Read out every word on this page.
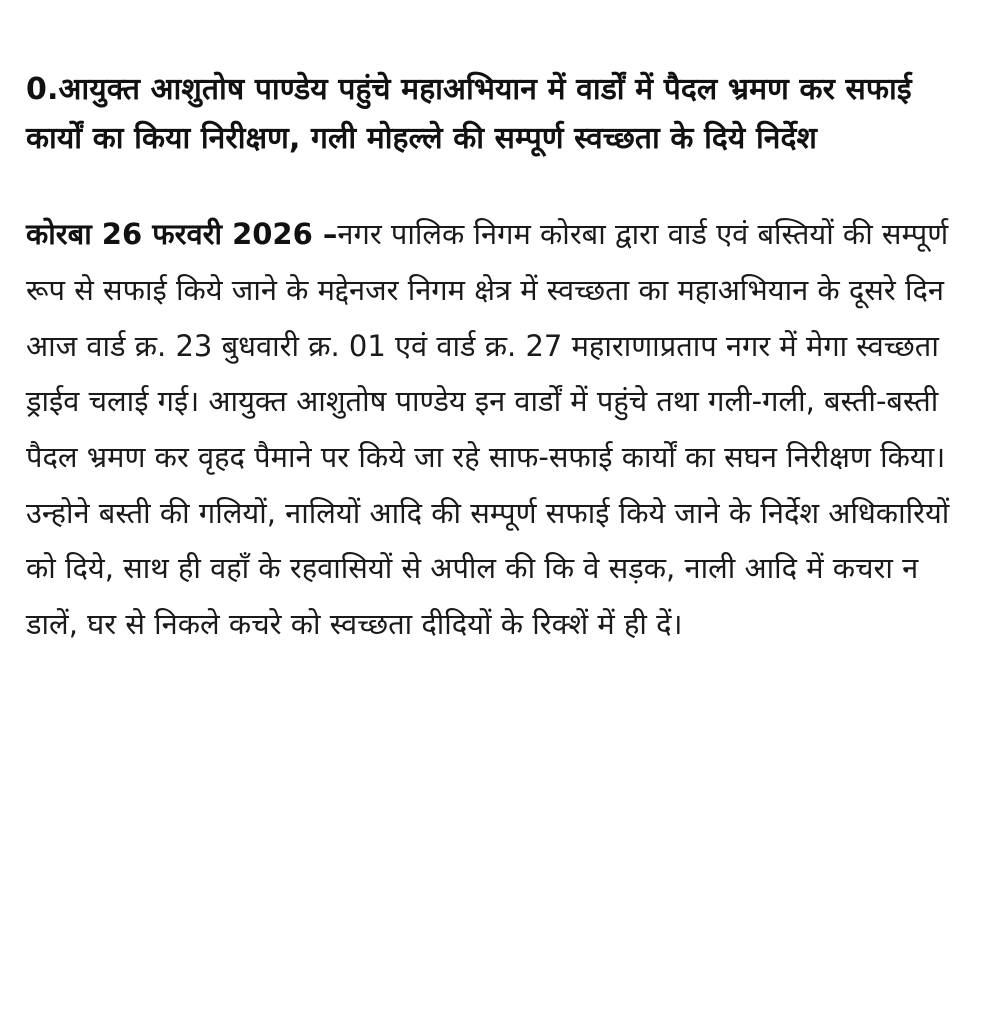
0.आयुक्त आशुतोष पाण्डेय पहुंचे महाअभियान में वार्डों में पैदल भ्रमण कर सफाई कार्यों का किया निरीक्षण, गली मोहल्ले की सम्पूर्ण स्वच्छता के दिये निर्देश

कोरबा 26 फरवरी 2026 –नगर पालिक निगम कोरबा द्वारा वार्ड एवं बस्तियों की सम्पूर्ण रूप से सफाई किये जाने के मद्देनजर निगम क्षेत्र में स्वच्छता का महाअभियान के दूसरे दिन आज वार्ड क्र. 23 बुधवारी क्र. 01 एवं वार्ड क्र. 27 महाराणाप्रताप नगर में मेगा स्वच्छता ड्राईव चलाई गई। आयुक्त आशुतोष पाण्डेय इन वार्डों में पहुंचे तथा गली-गली, बस्ती-बस्ती पैदल भ्रमण कर वृहद पैमाने पर किये जा रहे साफ-सफाई कार्यों का सघन निरीक्षण किया। उन्होने बस्ती की गलियों, नालियों आदि की सम्पूर्ण सफाई किये जाने के निर्देश अधिकारियों को दिये, साथ ही वहाँ के रहवासियों से अपील की कि वे सड़क, नाली आदि में कचरा न डालें, घर से निकले कचरे को स्वच्छता दीदियों के रिक्शें में ही दें।
